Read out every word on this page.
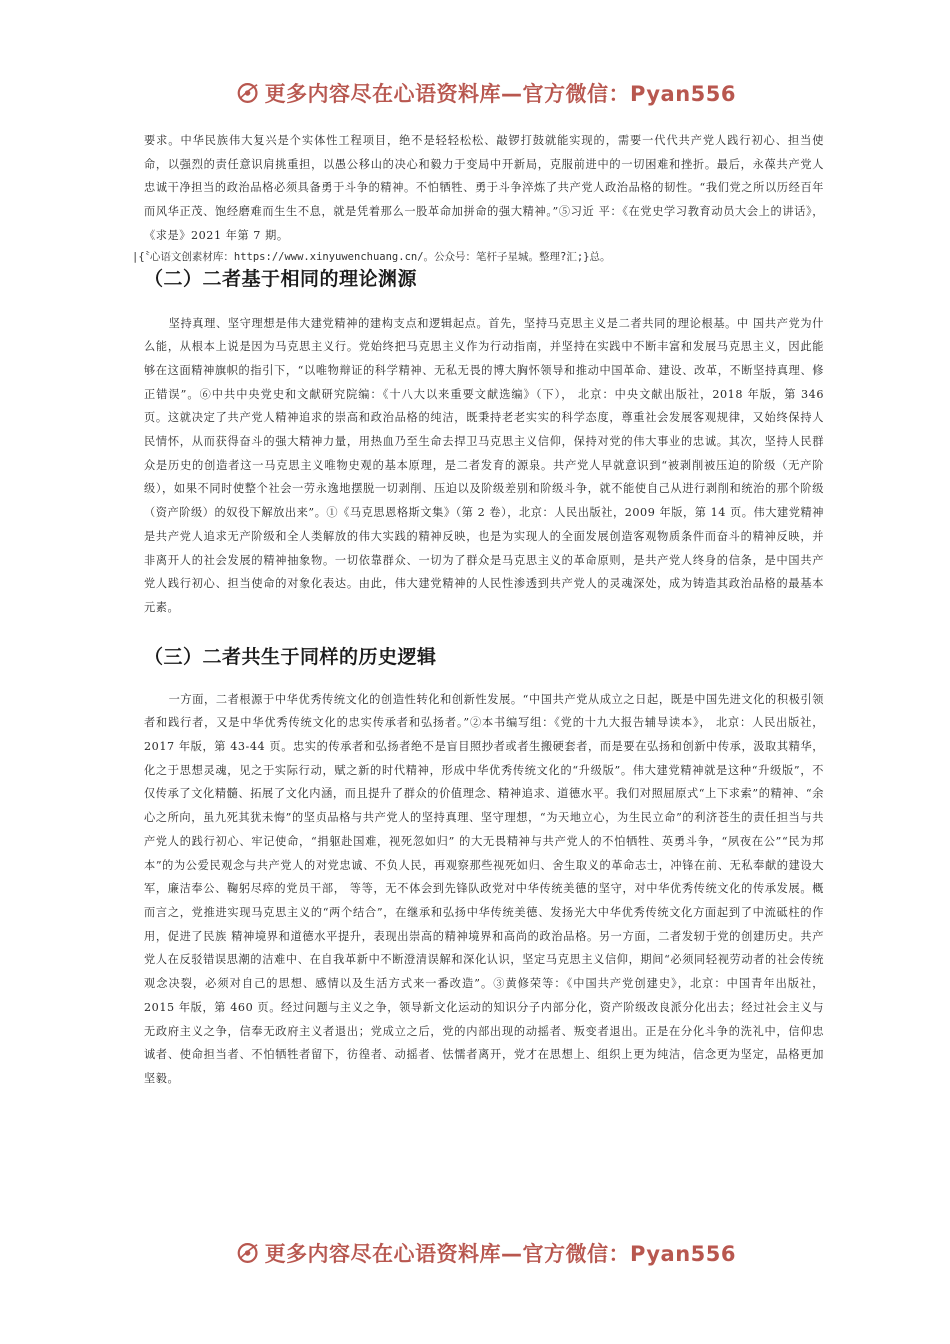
更多内容尽在心语资料库—官方微信：Pyan556

要求。中华民族伟大复兴是个实体性工程项目，绝不是轻轻松松、敲锣打鼓就能实现的，需要一代代共产党人践行初心、担当使命，以强烈的责任意识肩挑重担，以愚公移山的决心和毅力于变局中开新局，克服前进中的一切困难和挫折。最后，永葆共产党人忠诚干净担当的政治品格必须具备勇于斗争的精神。不怕牺牲、勇于斗争淬炼了共产党人政治品格的韧性。“我们党之所以历经百年而风华正茂、饱经磨难而生生不息，就是凭着那么一股革命加拼命的强大精神。”⑤习近 平：《在党史学习教育动员大会上的讲话》，《求是》2021 年第 7 期。

|{〝心语文创素材库：https://www.xinyuwenchuang.cn/。公众号：笔杆子星城。整理?汇;}总。

（二）二者基于相同的理论渊源

坚持真理、坚守理想是伟大建党精神的建构支点和逻辑起点。首先，坚持马克思主义是二者共同的理论根基。中 国共产党为什么能，从根本上说是因为马克思主义行。党始终把马克思主义作为行动指南，并坚持在实践中不断丰富和发展马克思主义，因此能够在这面精神旗帜的指引下，“以唯物辩证的科学精神、无私无畏的博大胸怀领导和推动中国革命、建设、改革，不断坚持真理、修正错误”。⑥中共中央党史和文献研究院编：《十八大以来重要文献选编》（下）， 北京：中央文献出版社，2018 年版，第 346 页。这就决定了共产党人精神追求的崇高和政治品格的纯洁，既秉持老老实实的科学态度，尊重社会发展客观规律，又始终保持人民情怀，从而获得奋斗的强大精神力量，用热血乃至生命去捍卫马克思主义信仰，保持对党的伟大事业的忠诚。其次，坚持人民群众是历史的创造者这一马克思主义唯物史观的基本原理，是二者发育的源泉。共产党人早就意识到“被剥削被压迫的阶级（无产阶级），如果不同时使整个社会一劳永逸地摆脱一切剥削、压迫以及阶级差别和阶级斗争，就不能使自己从进行剥削和统治的那个阶级（资产阶级）的奴役下解放出来”。①《马克思恩格斯文集》（第 2 卷），北京：人民出版社，2009 年版，第 14 页。伟大建党精神是共产党人追求无产阶级和全人类解放的伟大实践的精神反映，也是为实现人的全面发展创造客观物质条件而奋斗的精神反映，并非离开人的社会发展的精神抽象物。一切依靠群众、一切为了群众是马克思主义的革命原则，是共产党人终身的信条，是中国共产党人践行初心、担当使命的对象化表达。由此，伟大建党精神的人民性渗透到共产党人的灵魂深处，成为铸造其政治品格的最基本元素。

（三）二者共生于同样的历史逻辑

一方面，二者根源于中华优秀传统文化的创造性转化和创新性发展。“中国共产党从成立之日起，既是中国先进文化的积极引领者和践行者，又是中华优秀传统文化的忠实传承者和弘扬者。”②本书编写组：《党的十九大报告辅导读本》， 北京：人民出版社，2017 年版，第 43-44 页。忠实的传承者和弘扬者绝不是盲目照抄者或者生搬硬套者，而是要在弘扬和创新中传承，汲取其精华，化之于思想灵魂，见之于实际行动，赋之新的时代精神，形成中华优秀传统文化的“升级版”。伟大建党精神就是这种“升级版”，不仅传承了文化精髓、拓展了文化内涵，而且提升了群众的价值理念、精神追求、道德水平。我们对照屈原式“上下求索”的精神、“余心之所向，虽九死其犹未悔”的坚贞品格与共产党人的坚持真理、坚守理想，“为天地立心，为生民立命”的利济苍生的责任担当与共产党人的践行初心、牢记使命，“捐躯赴国难，视死忽如归” 的大无畏精神与共产党人的不怕牺牲、英勇斗争，“夙夜在公”“民为邦本”的为公爱民观念与共产党人的对党忠诚、不负人民，再观察那些视死如归、舍生取义的革命志士，冲锋在前、无私奉献的建设大军，廉洁奉公、鞠躬尽瘁的党员干部， 等等，无不体会到先锋队政党对中华传统美德的坚守，对中华优秀传统文化的传承发展。概而言之，党推进实现马克思主义的“两个结合”，在继承和弘扬中华传统美德、发扬光大中华优秀传统文化方面起到了中流砥柱的作用，促进了民族 精神境界和道德水平提升，表现出崇高的精神境界和高尚的政治品格。另一方面，二者发轫于党的创建历史。共产党人在反驳错误思潮的洁难中、在自我革新中不断澄清误解和深化认识，坚定马克思主义信仰，期间“必须同轻视劳动者的社会传统观念决裂，必须对自己的思想、感情以及生活方式来一番改造”。③黄修荣等：《中国共产党创建史》，北京：中国青年出版社，2015 年版，第 460 页。经过问题与主义之争，领导新文化运动的知识分子内部分化，资产阶级改良派分化出去；经过社会主义与无政府主义之争，信奉无政府主义者退出；党成立之后，党的内部出现的动摇者、叛变者退出。正是在分化斗争的洗礼中，信仰忠诚者、使命担当者、不怕牺牲者留下，彷徨者、动摇者、怯懦者离开，党才在思想上、组织上更为纯洁，信念更为坚定，品格更加坚毅。

更多内容尽在心语资料库—官方微信：Pyan556
